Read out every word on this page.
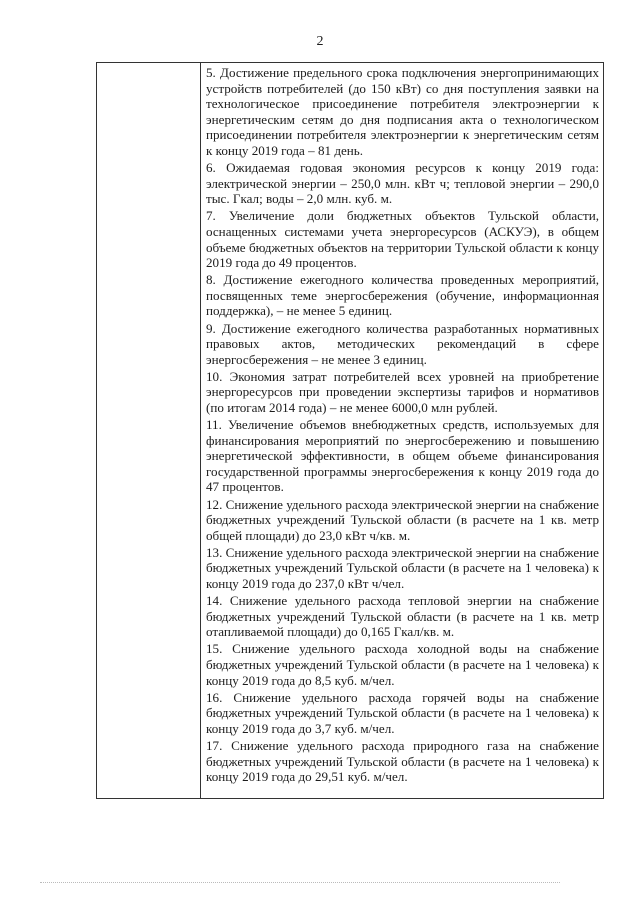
2

5. Достижение предельного срока подключения энергопринимающих устройств потребителей (до 150 кВт) со дня поступления заявки на технологическое присоединение потребителя электроэнергии к энергетическим сетям до дня подписания акта о технологическом присоединении потребителя электроэнергии к энергетическим сетям к концу 2019 года – 81 день.

6. Ожидаемая годовая экономия ресурсов к концу 2019 года: электрической энергии – 250,0 млн. кВт ч; тепловой энергии – 290,0 тыс. Гкал; воды – 2,0 млн. куб. м.

7. Увеличение доли бюджетных объектов Тульской области, оснащенных системами учета энергоресурсов (АСКУЭ), в общем объеме бюджетных объектов на территории Тульской области к концу 2019 года до 49 процентов.

8. Достижение ежегодного количества проведенных мероприятий, посвященных теме энергосбережения (обучение, информационная поддержка), – не менее 5 единиц.

9. Достижение ежегодного количества разработанных нормативных правовых актов, методических рекомендаций в сфере энергосбережения – не менее 3 единиц.

10. Экономия затрат потребителей всех уровней на приобретение энергоресурсов при проведении экспертизы тарифов и нормативов (по итогам 2014 года) – не менее 6000,0 млн рублей.

11. Увеличение объемов внебюджетных средств, используемых для финансирования мероприятий по энергосбережению и повышению энергетической эффективности, в общем объеме финансирования государственной программы энергосбережения к концу 2019 года до 47 процентов.

12. Снижение удельного расхода электрической энергии на снабжение бюджетных учреждений Тульской области (в расчете на 1 кв. метр общей площади) до 23,0 кВт ч/кв. м.

13. Снижение удельного расхода электрической энергии на снабжение бюджетных учреждений Тульской области (в расчете на 1 человека) к концу 2019 года до 237,0 кВт ч/чел.

14. Снижение удельного расхода тепловой энергии на снабжение бюджетных учреждений Тульской области (в расчете на 1 кв. метр отапливаемой площади) до 0,165 Гкал/кв. м.

15. Снижение удельного расхода холодной воды на снабжение бюджетных учреждений Тульской области (в расчете на 1 человека) к концу 2019 года до 8,5 куб. м/чел.

16. Снижение удельного расхода горячей воды на снабжение бюджетных учреждений Тульской области (в расчете на 1 человека) к концу 2019 года до 3,7 куб. м/чел.

17. Снижение удельного расхода природного газа на снабжение бюджетных учреждений Тульской области (в расчете на 1 человека) к концу 2019 года до 29,51 куб. м/чел.
